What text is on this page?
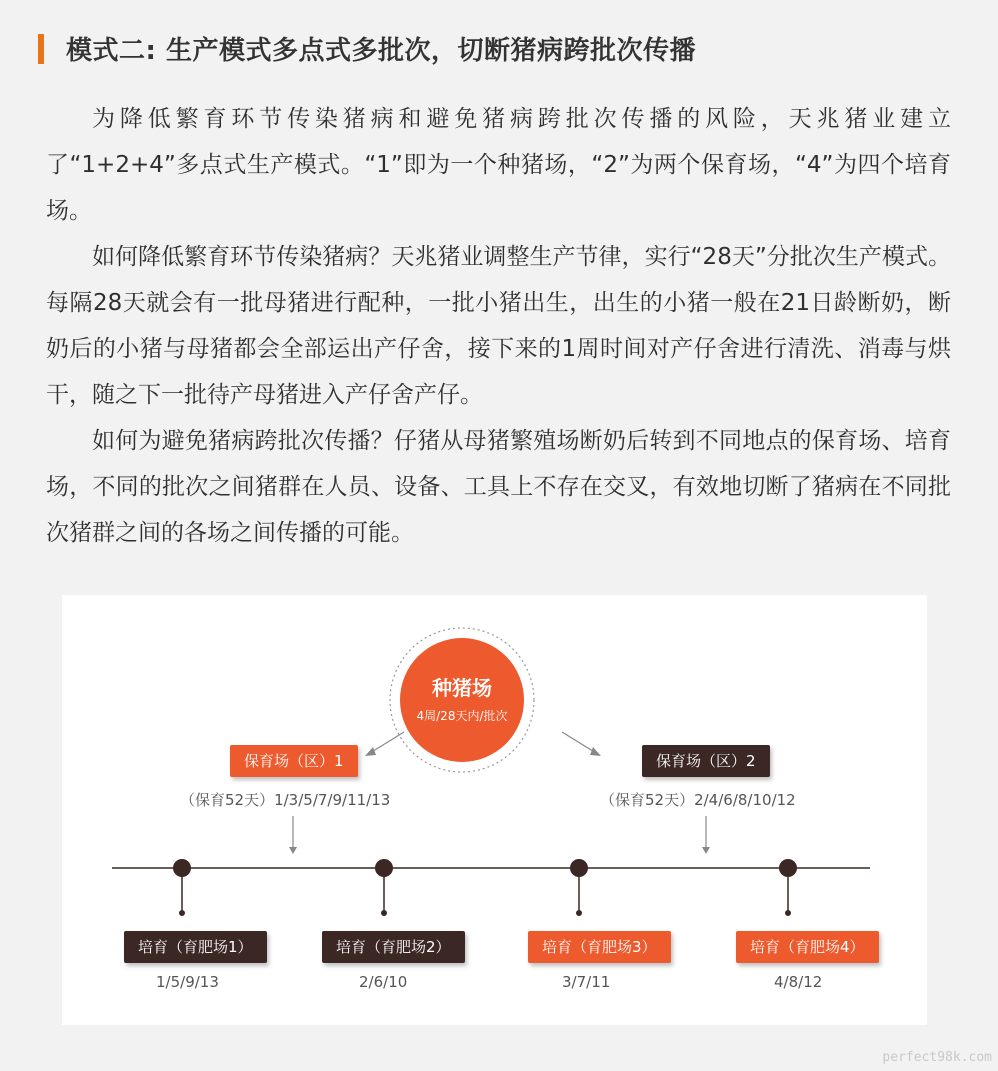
模式二: 生产模式多点式多批次，切断猪病跨批次传播

为降低繁育环节传染猪病和避免猪病跨批次传播的风险，天兆猪业建立了“1+2+4”多点式生产模式。“1”即为一个种猪场，“2”为两个保育场，“4”为四个培育场。

如何降低繁育环节传染猪病？天兆猪业调整生产节律，实行“28天”分批次生产模式。每隔28天就会有一批母猪进行配种，一批小猪出生，出生的小猪一般在21日龄断奶，断奶后的小猪与母猪都会全部运出产仔舍，接下来的1周时间对产仔舍进行清洗、消毒与烘干，随之下一批待产母猪进入产仔舍产仔。

如何为避免猪病跨批次传播？仔猪从母猪繁殖场断奶后转到不同地点的保育场、培育场，不同的批次之间猪群在人员、设备、工具上不存在交叉，有效地切断了猪病在不同批次猪群之间的各场之间传播的可能。

种猪场
4周/28天内/批次
保育场（区）1	保育场（区）2
（保育52天）1/3/5/7/9/11/13	（保育52天）2/4/6/8/10/12
培育（育肥场1）	培育（育肥场2）	培育（育肥场3）	培育（育肥场4）
1/5/9/13	2/6/10	3/7/11	4/8/12
perfect98k.com
